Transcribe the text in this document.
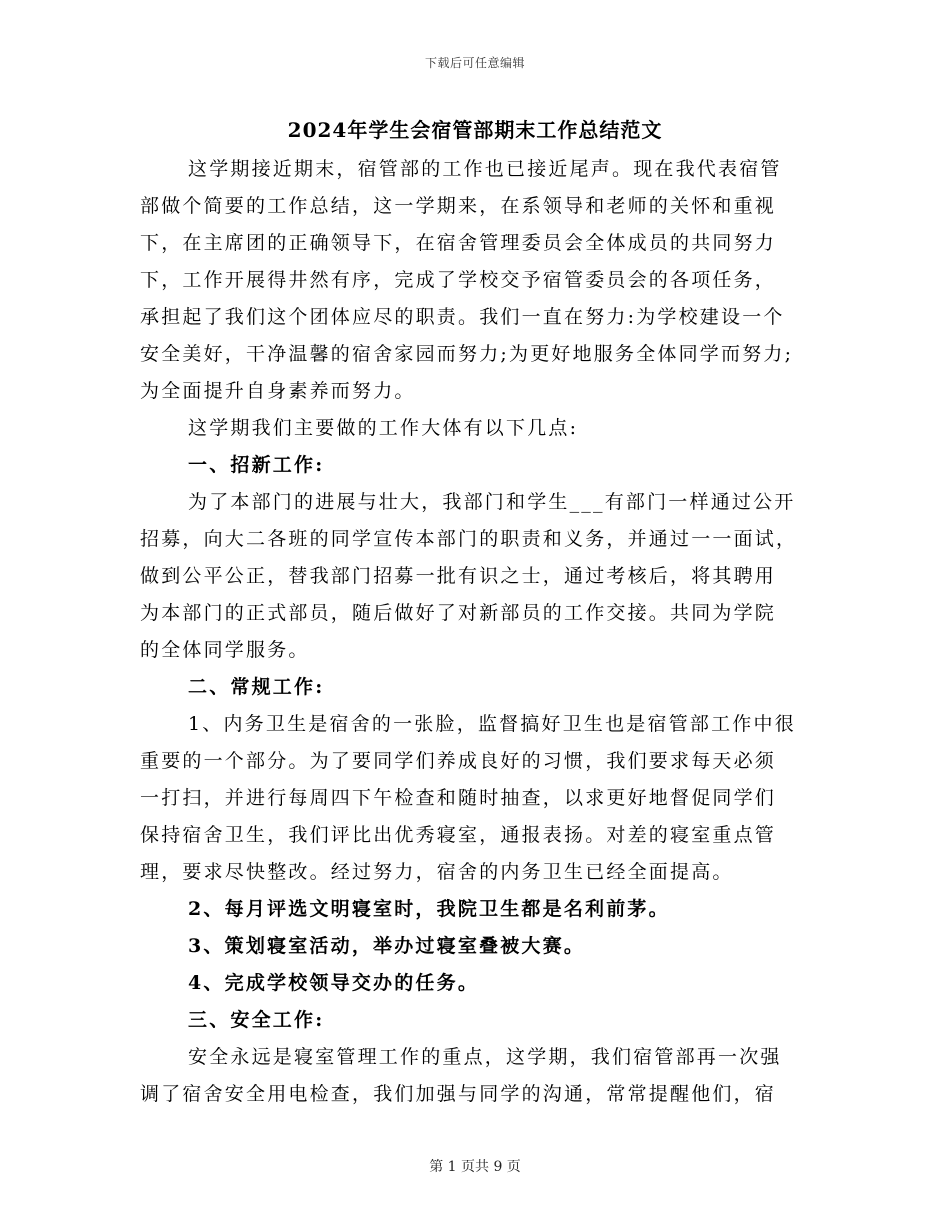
下载后可任意编辑
2024年学生会宿管部期末工作总结范文
这学期接近期末，宿管部的工作也已接近尾声。现在我代表宿管
部做个简要的工作总结，这一学期来，在系领导和老师的关怀和重视
下，在主席团的正确领导下，在宿舍管理委员会全体成员的共同努力
下，工作开展得井然有序，完成了学校交予宿管委员会的各项任务，
承担起了我们这个团体应尽的职责。我们一直在努力:为学校建设一个
安全美好，干净温馨的宿舍家园而努力;为更好地服务全体同学而努力;
为全面提升自身素养而努力。
这学期我们主要做的工作大体有以下几点:
一、招新工作:
为了本部门的进展与壮大，我部门和学生___有部门一样通过公开
招募，向大二各班的同学宣传本部门的职责和义务，并通过一一面试，
做到公平公正，替我部门招募一批有识之士，通过考核后，将其聘用
为本部门的正式部员，随后做好了对新部员的工作交接。共同为学院
的全体同学服务。
二、常规工作:
1、内务卫生是宿舍的一张脸，监督搞好卫生也是宿管部工作中很
重要的一个部分。为了要同学们养成良好的习惯，我们要求每天必须
一打扫，并进行每周四下午检查和随时抽查，以求更好地督促同学们
保持宿舍卫生，我们评比出优秀寝室，通报表扬。对差的寝室重点管
理，要求尽快整改。经过努力，宿舍的内务卫生已经全面提高。
2、每月评选文明寝室时，我院卫生都是名利前茅。
3、策划寝室活动，举办过寝室叠被大赛。
4、完成学校领导交办的任务。
三、安全工作:
安全永远是寝室管理工作的重点，这学期，我们宿管部再一次强
调了宿舍安全用电检查，我们加强与同学的沟通，常常提醒他们，宿
第 1 页共 9 页
